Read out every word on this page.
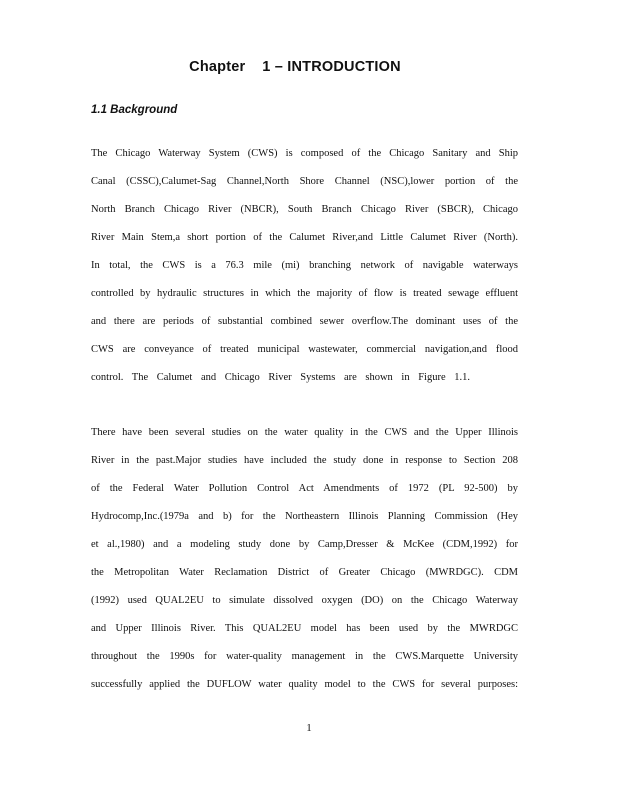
Chapter    1 – INTRODUCTION
1.1 Background
The Chicago Waterway System (CWS) is composed of the Chicago Sanitary and Ship
Canal (CSSC),Calumet-Sag Channel,North Shore Channel (NSC),lower portion of the
North Branch Chicago River (NBCR), South Branch Chicago River (SBCR), Chicago
River Main Stem,a short portion of the Calumet River,and Little Calumet River (North).
In total, the CWS is a 76.3 mile (mi) branching network of navigable waterways
controlled by hydraulic structures in which the majority of flow is treated sewage effluent
and there are periods of substantial combined sewer overflow.The dominant uses of the
CWS are conveyance of treated municipal wastewater, commercial navigation,and flood
control. The Calumet and Chicago River Systems are shown in Figure 1.1.
There have been several studies on the water quality in the CWS and the Upper Illinois
River in the past.Major studies have included the study done in response to Section 208
of the Federal Water Pollution Control Act Amendments of 1972 (PL 92-500) by
Hydrocomp,Inc.(1979a and b) for the Northeastern Illinois Planning Commission (Hey
et al.,1980) and a modeling study done by Camp,Dresser & McKee (CDM,1992) for
the Metropolitan Water Reclamation District of Greater Chicago (MWRDGC). CDM
(1992) used QUAL2EU to simulate dissolved oxygen (DO) on the Chicago Waterway
and Upper Illinois River. This QUAL2EU model has been used by the MWRDGC
throughout the 1990s for water-quality management in the CWS.Marquette University
successfully applied the DUFLOW water quality model to the CWS for several purposes:
1
